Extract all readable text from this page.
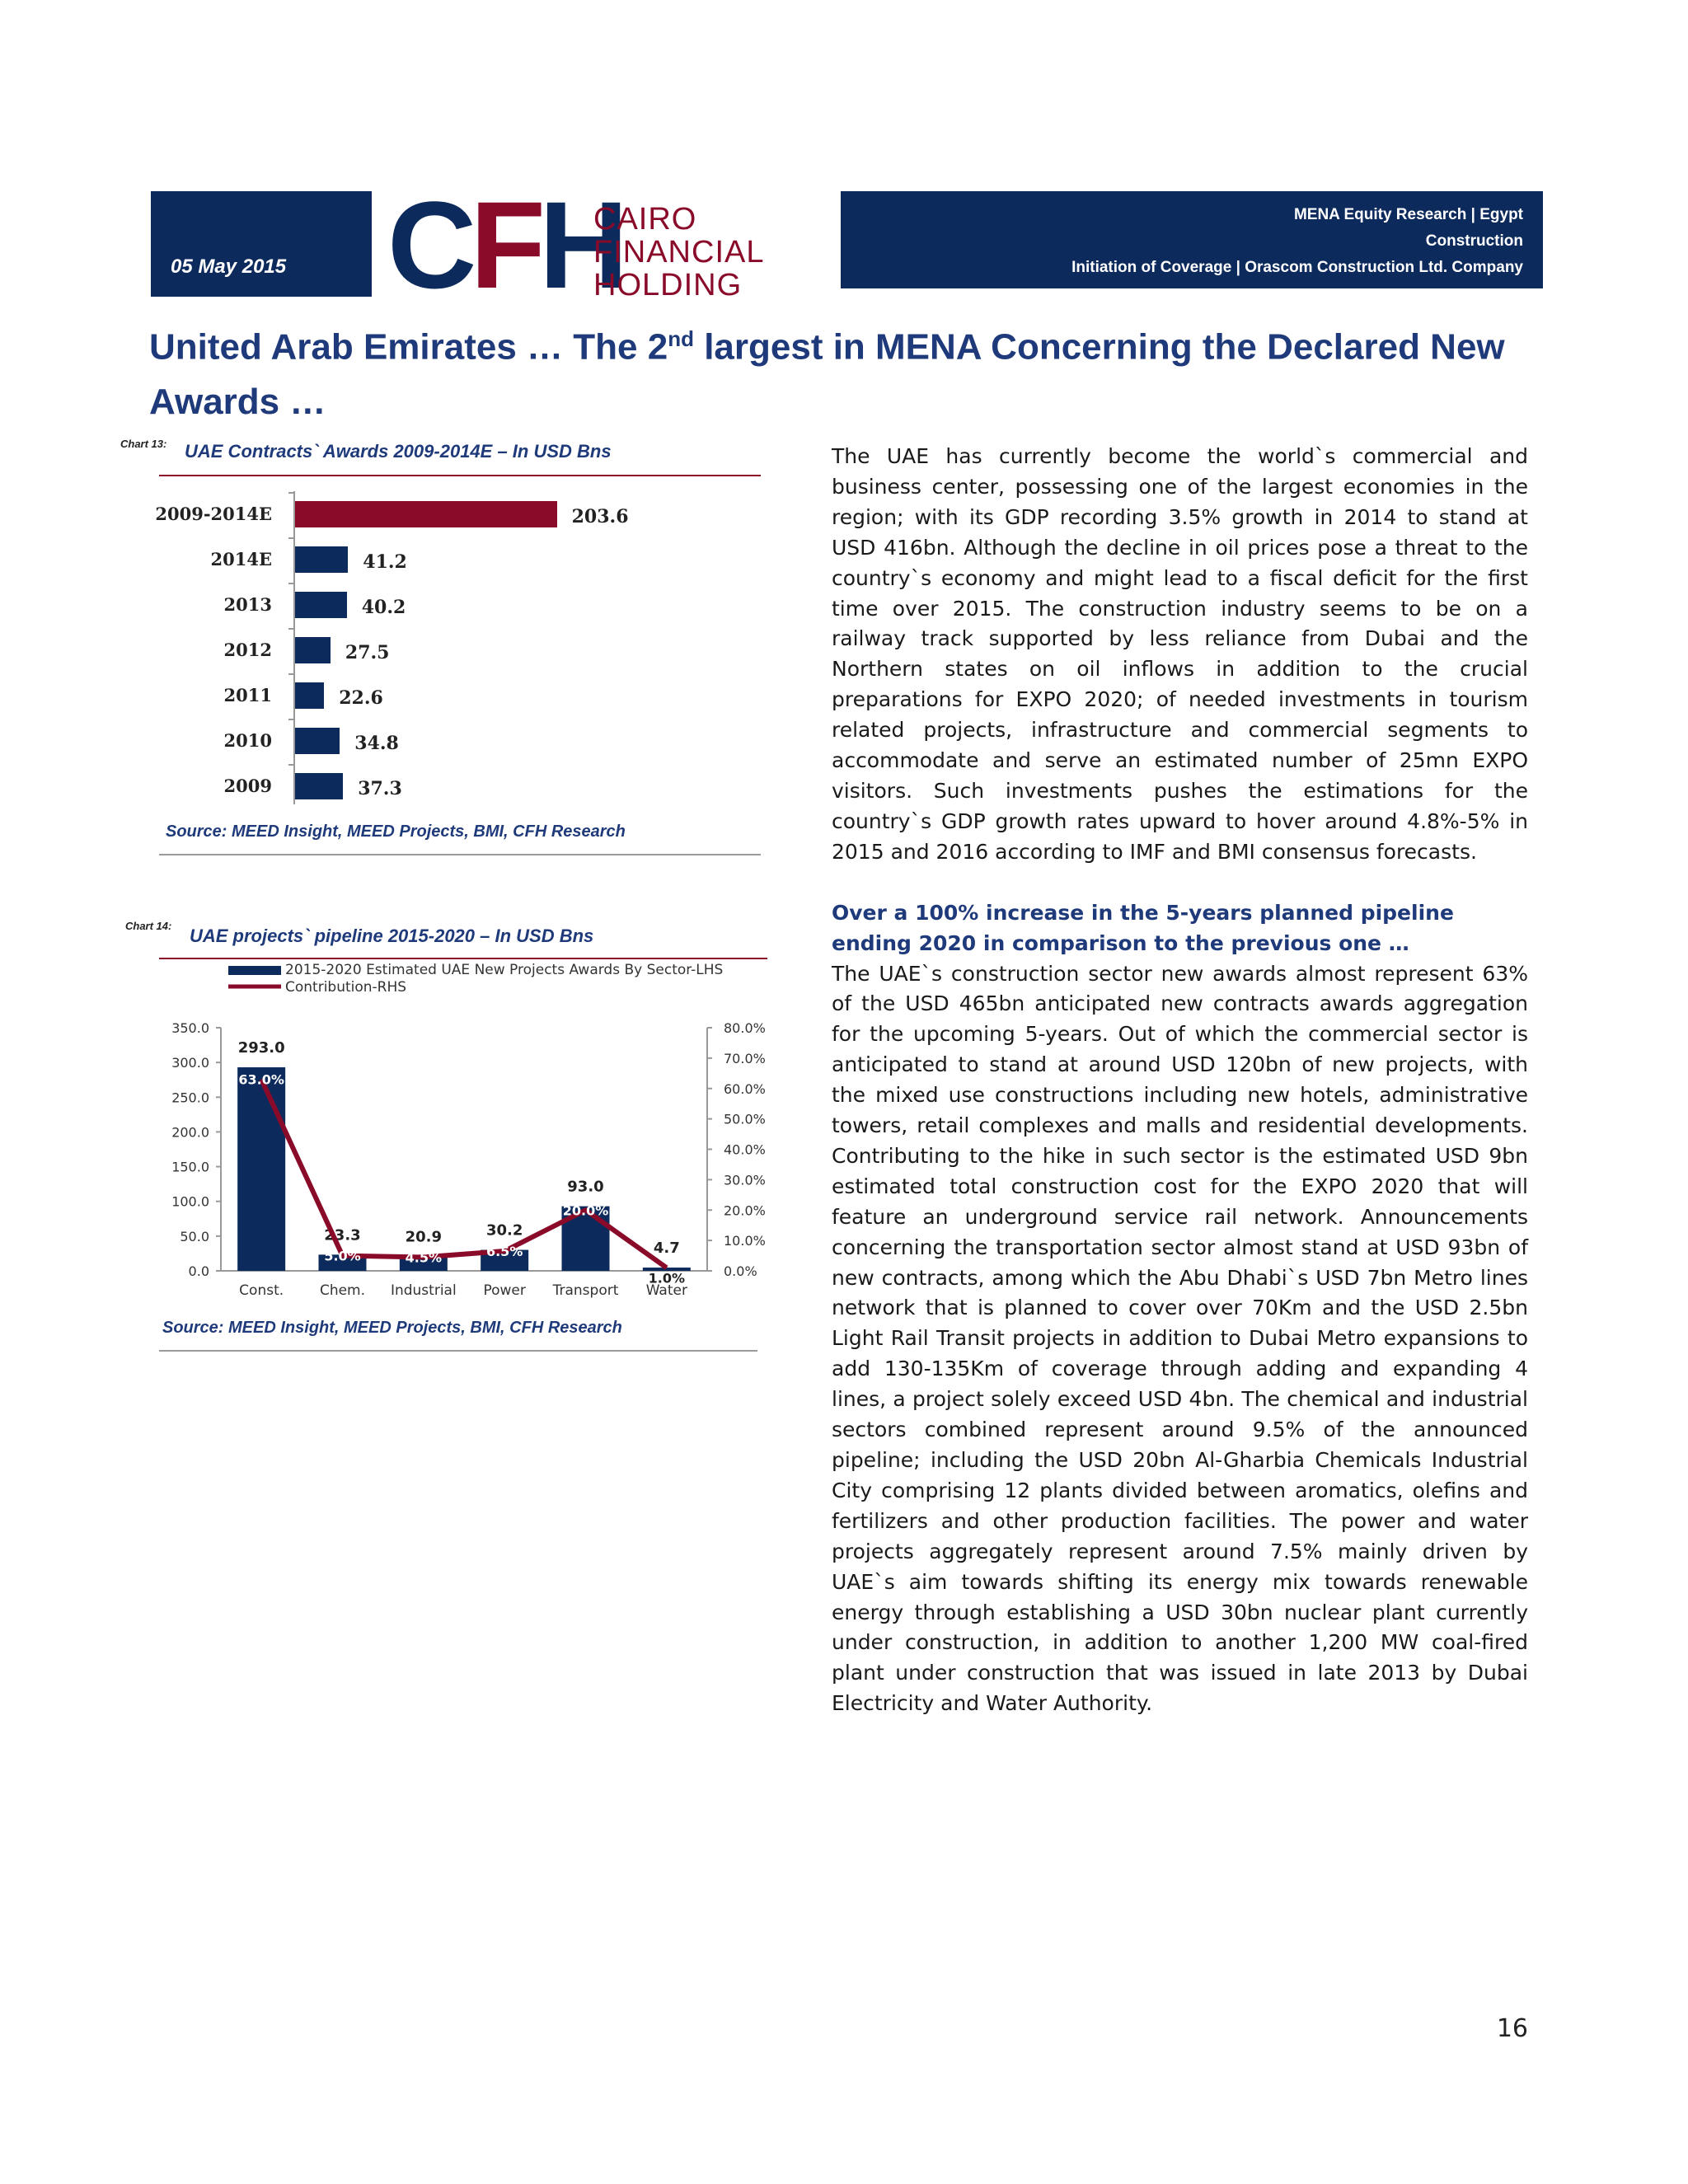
05 May 2015 CFH
CAIRO
FINANCIAL
HOLDING
MENA Equity Research | Egypt
Construction
Initiation of Coverage | Orascom Construction Ltd. Company
United Arab Emirates … The 2nd largest in MENA Concerning the Declared New Awards …
Chart 13: UAE Contracts` Awards 2009-2014E – In USD Bns
2009-2014E	203.6
2014E	41.2
2013	40.2
2012	27.5
2011	22.6
2010	34.8
2009	37.3
Source: MEED Insight, MEED Projects, BMI, CFH Research
Chart 14: UAE projects` pipeline 2015-2020 – In USD Bns
2015-2020 Estimated UAE New Projects Awards By Sector-LHS
Contribution-RHS
0.0
50.0
100.0
150.0
200.0
250.0
300.0
350.0
0.0%
10.0%
20.0%
30.0%
40.0%
50.0%
60.0%
70.0%
80.0%
293.0
Const.
23.3
Chem.
20.9
Industrial
30.2
Power
93.0
Transport
4.7
Water
63.0%
5.0%	4.5%	6.5%
20.0%
1.0%
Source: MEED Insight, MEED Projects, BMI, CFH Research

The UAE has currently become the world`s commercial and business center, possessing one of the largest economies in the region; with its GDP recording 3.5% growth in 2014 to stand at USD 416bn. Although the decline in oil prices pose a threat to the country`s economy and might lead to a fiscal deficit for the first time over 2015. The construction industry seems to be on a railway track supported by less reliance from Dubai and the Northern states on oil inflows in addition to the crucial preparations for EXPO 2020; of needed investments in tourism related projects, infrastructure and commercial segments to accommodate and serve an estimated number of 25mn EXPO visitors. Such investments pushes the estimations for the country`s GDP growth rates upward to hover around 4.8%-5% in 2015 and 2016 according to IMF and BMI consensus forecasts.

Over a 100% increase in the 5-years planned pipeline ending 2020 in comparison to the previous one …

The UAE`s construction sector new awards almost represent 63% of the USD 465bn anticipated new contracts awards aggregation for the upcoming 5-years. Out of which the commercial sector is anticipated to stand at around USD 120bn of new projects, with the mixed use constructions including new hotels, administrative towers, retail complexes and malls and residential developments. Contributing to the hike in such sector is the estimated USD 9bn estimated total construction cost for the EXPO 2020 that will feature an underground service rail network. Announcements concerning the transportation sector almost stand at USD 93bn of new contracts, among which the Abu Dhabi`s USD 7bn Metro lines network that is planned to cover over 70Km and the USD 2.5bn Light Rail Transit projects in addition to Dubai Metro expansions to add 130-135Km of coverage through adding and expanding 4 lines, a project solely exceed USD 4bn. The chemical and industrial sectors combined represent around 9.5% of the announced pipeline; including the USD 20bn Al-Gharbia Chemicals Industrial City comprising 12 plants divided between aromatics, olefins and fertilizers and other production facilities. The power and water projects aggregately represent around 7.5% mainly driven by UAE`s aim towards shifting its energy mix towards renewable energy through establishing a USD 30bn nuclear plant currently under construction, in addition to another 1,200 MW coal-fired plant under construction that was issued in late 2013 by Dubai Electricity and Water Authority.

16
